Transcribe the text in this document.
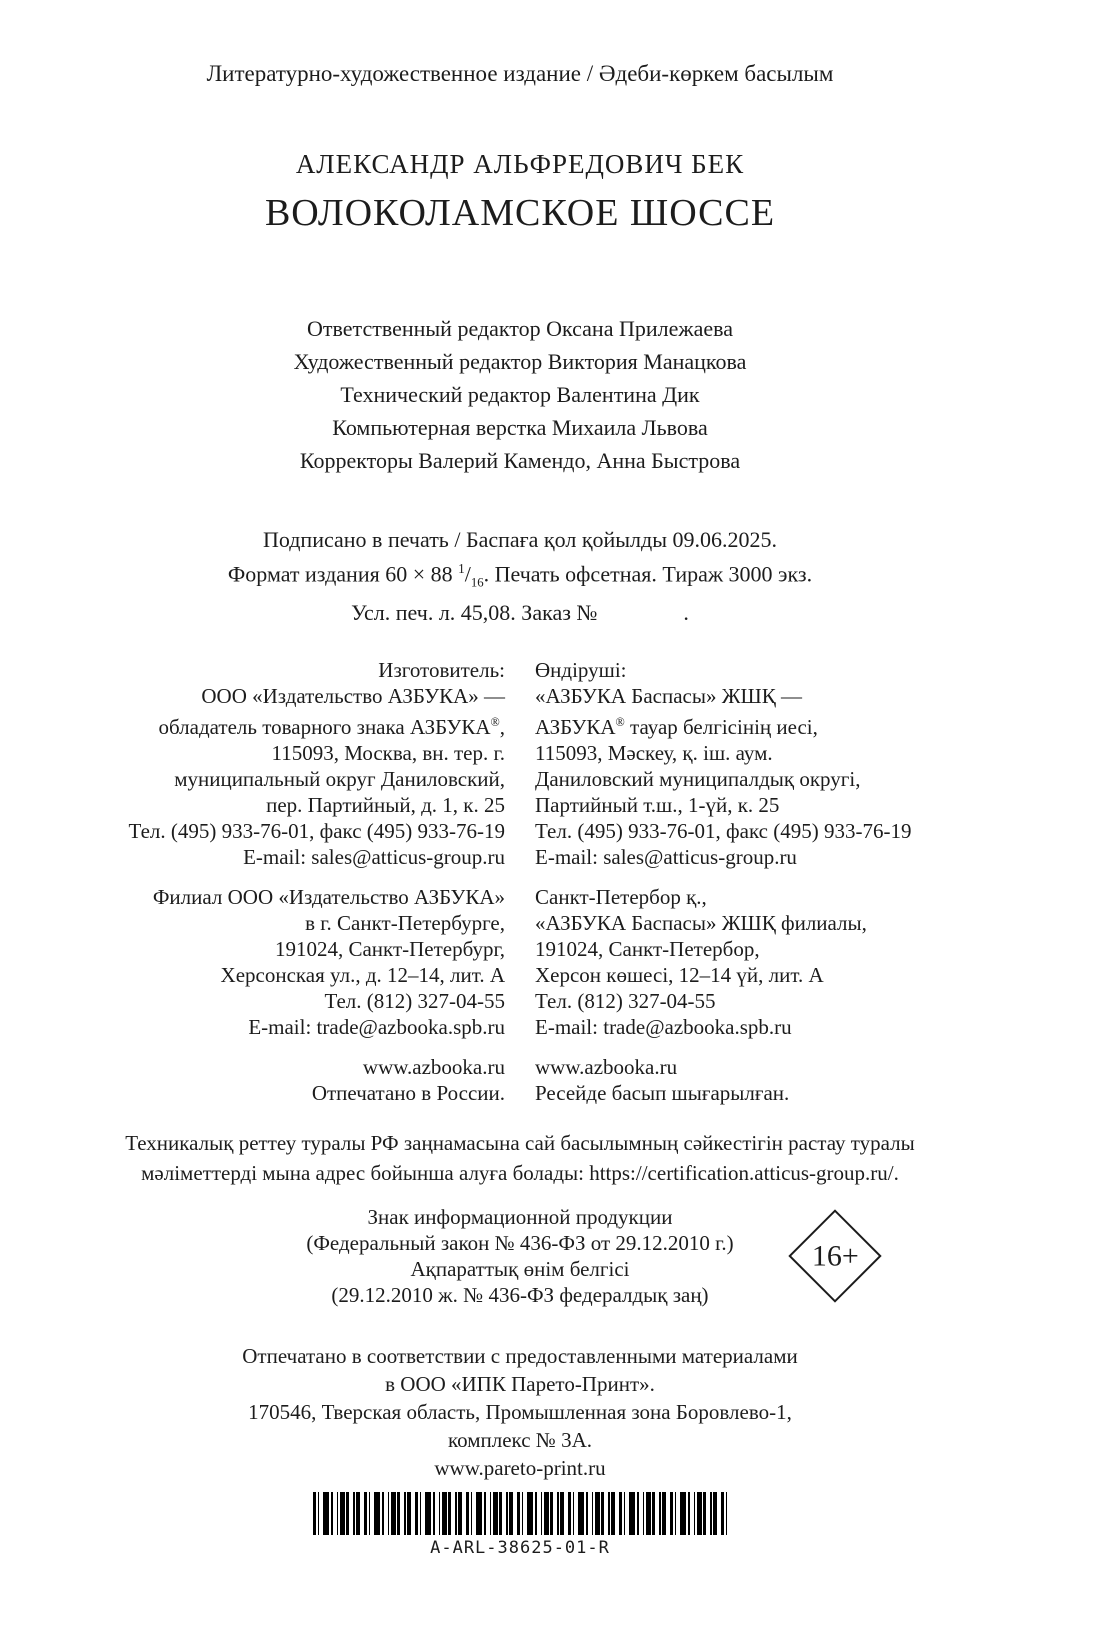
Литературно-художественное издание / Әдеби-көркем басылым
АЛЕКСАНДР АЛЬФРЕДОВИЧ БЕК
ВОЛОКОЛАМСКОЕ ШОССЕ
Ответственный редактор Оксана Прилежаева
Художественный редактор Виктория Манацкова
Технический редактор Валентина Дик
Компьютерная верстка Михаила Львова
Корректоры Валерий Камендо, Анна Быстрова
Подписано в печать / Баспаға қол қойылды 09.06.2025.
Формат издания 60 × 88 $^1/_{16}$. Печать офсетная. Тираж 3000 экз.
Усл. печ. л. 45,08. Заказ №	.
Изготовитель:
ООО «Издательство АЗБУКА» —
обладатель товарного знака АЗБУКА®,
115093, Москва, вн. тер. г.
муниципальный округ Даниловский,
пер. Партийный, д. 1, к. 25
Тел. (495) 933-76-01, факс (495) 933-76-19
E-mail: sales@atticus-group.ru
Филиал ООО «Издательство АЗБУКА»
в г. Санкт-Петербурге,
191024, Санкт-Петербург,
Херсонская ул., д. 12–14, лит. А
Тел. (812) 327-04-55
E-mail: trade@azbooka.spb.ru
www.azbooka.ru
Отпечатано в России.
Өндіруші:
«АЗБУКА Баспасы» ЖШҚ —
АЗБУКА® тауар белгісінің иесі,
115093, Мәскеу, қ. іш. аум.
Даниловский муниципалдық округі,
Партийный т.ш., 1-үй, к. 25
Тел. (495) 933-76-01, факс (495) 933-76-19
E-mail: sales@atticus-group.ru
Санкт-Петербор қ.,
«АЗБУКА Баспасы» ЖШҚ филиалы,
191024, Санкт-Петербор,
Херсон көшесі, 12–14 үй, лит. А
Тел. (812) 327-04-55
E-mail: trade@azbooka.spb.ru
www.azbooka.ru
Ресейде басып шығарылған.
Техникалық реттеу туралы РФ заңнамасына сай басылымның сәйкестігін растау туралы
мәліметтерді мына адрес бойынша алуға болады: https://certification.atticus-group.ru/.
Знак информационной продукции
(Федеральный закон № 436-ФЗ от 29.12.2010 г.)
Ақпараттық өнім белгісі
(29.12.2010 ж. № 436-ФЗ федералдық заң)
16+
Отпечатано в соответствии с предоставленными материалами
в ООО «ИПК Парето-Принт».
170546, Тверская область, Промышленная зона Боровлево-1,
комплекс № 3А.
www.pareto-print.ru
A-ARL-38625-01-R
